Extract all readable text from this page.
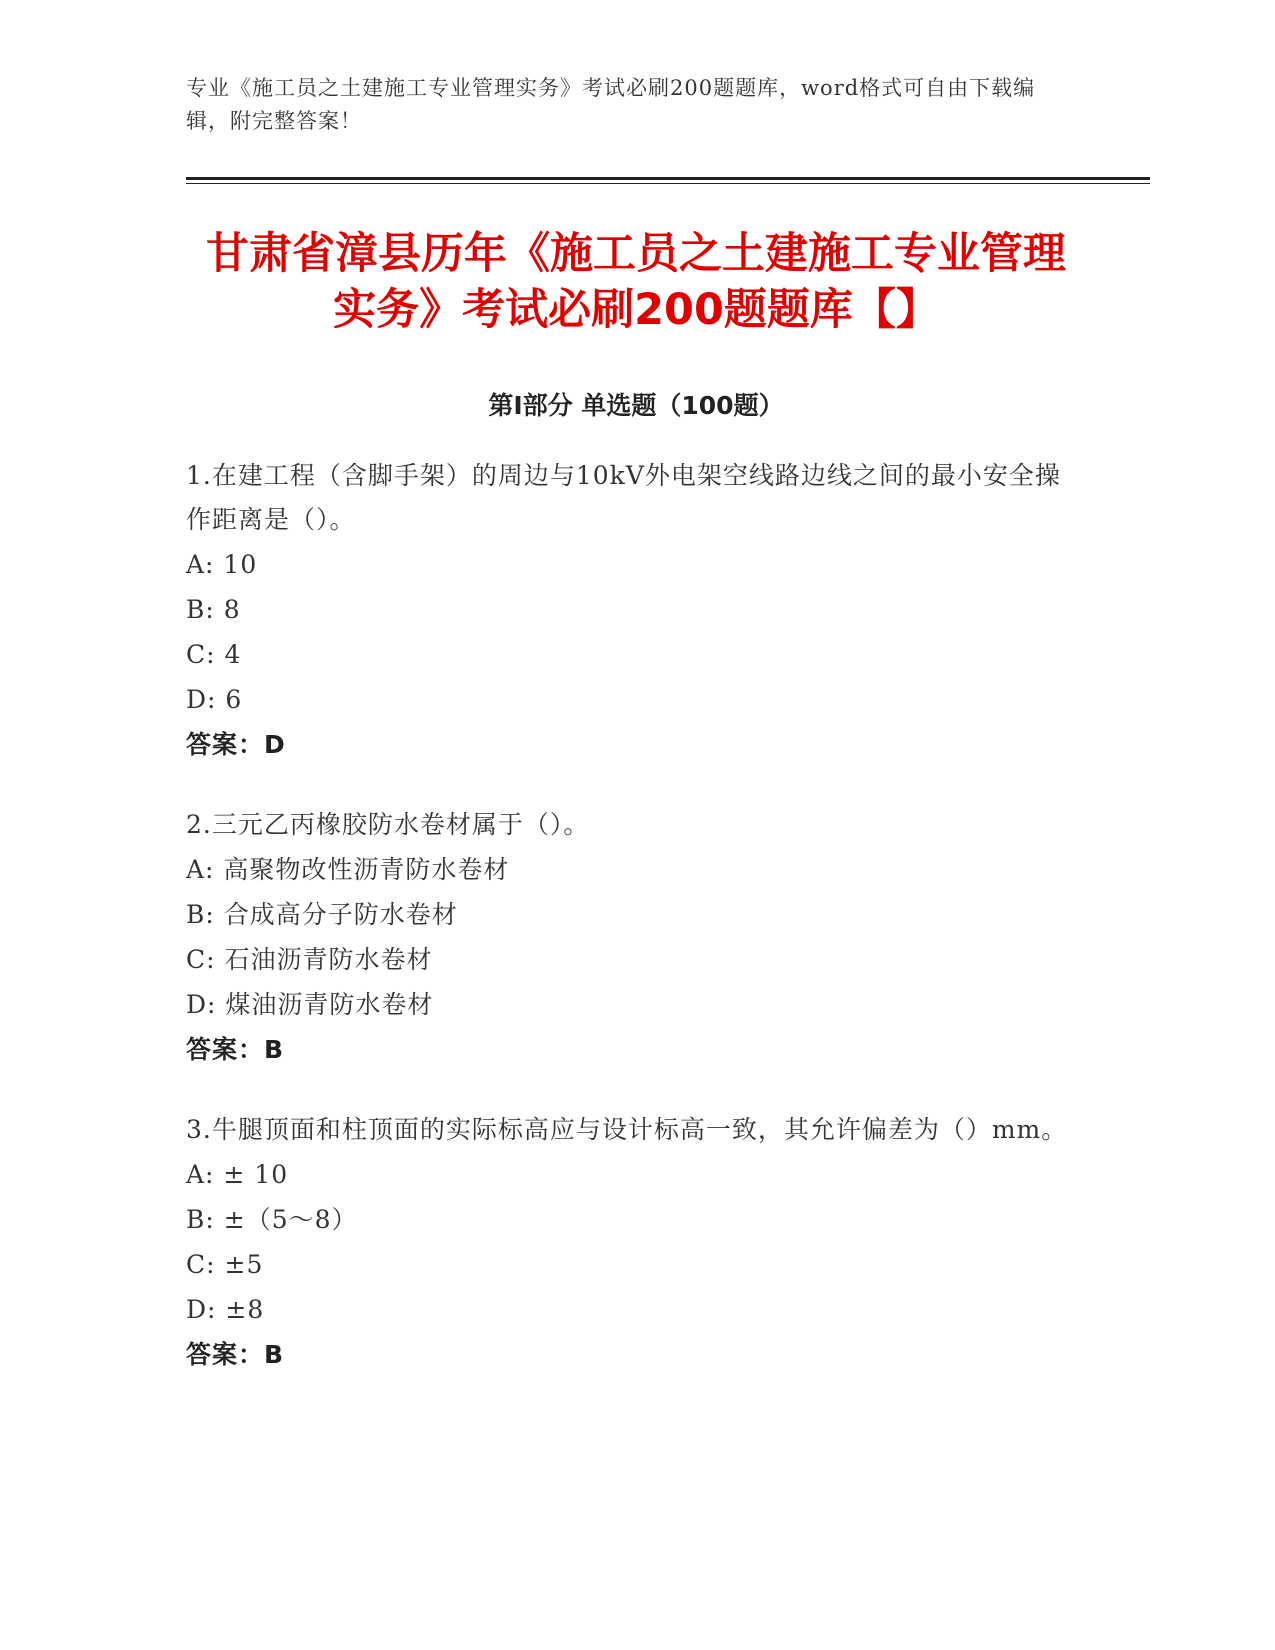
专业《施工员之土建施工专业管理实务》考试必刷200题题库，word格式可自由下载编辑，附完整答案！
甘肃省漳县历年《施工员之土建施工专业管理实务》考试必刷200题题库【】
第Ⅰ部分 单选题（100题）
1.在建工程（含脚手架）的周边与10kV外电架空线路边线之间的最小安全操作距离是（）。
A: 10
B: 8
C: 4
D: 6
答案：D
2.三元乙丙橡胶防水卷材属于（）。
A: 高聚物改性沥青防水卷材
B: 合成高分子防水卷材
C: 石油沥青防水卷材
D: 煤油沥青防水卷材
答案：B
3.牛腿顶面和柱顶面的实际标高应与设计标高一致，其允许偏差为（）mm。
A: ± 10
B: ±（5～8）
C: ±5
D: ±8
答案：B
